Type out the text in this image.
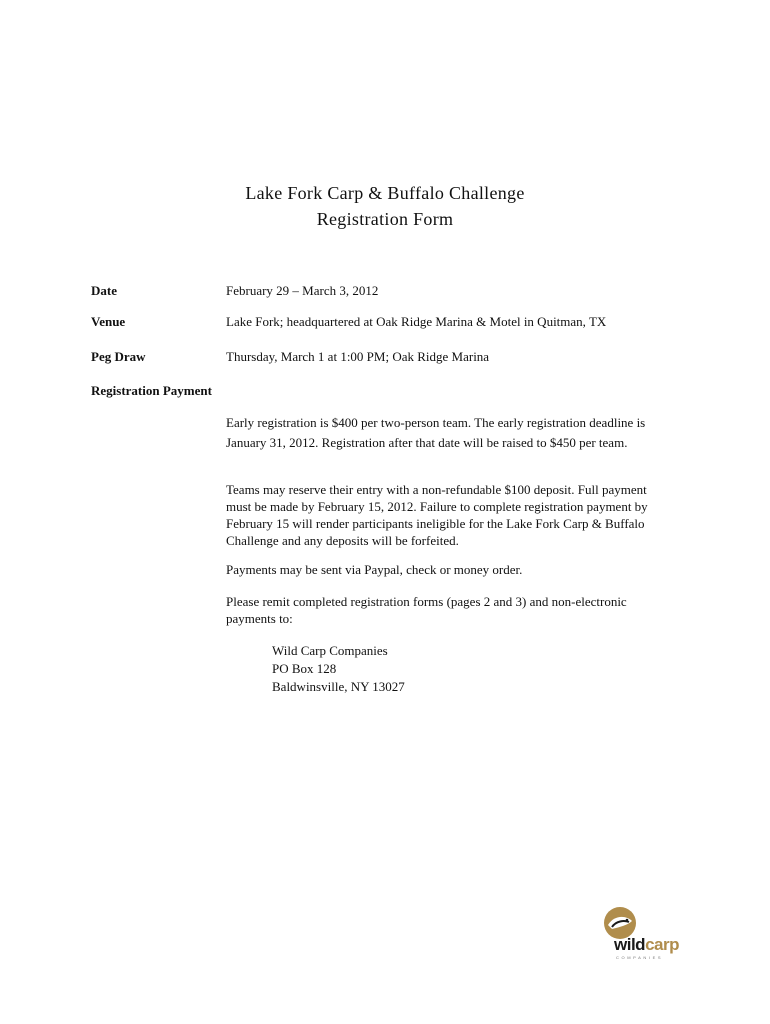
Lake Fork Carp & Buffalo Challenge
Registration Form
Date	February 29 – March 3, 2012
Venue	Lake Fork; headquartered at Oak Ridge Marina & Motel in Quitman, TX
Peg Draw	Thursday, March 1 at 1:00 PM; Oak Ridge Marina
Registration Payment
Early registration is $400 per two-person team. The early registration deadline is January 31, 2012. Registration after that date will be raised to $450 per team.
Teams may reserve their entry with a non-refundable $100 deposit. Full payment must be made by February 15, 2012. Failure to complete registration payment by February 15 will render participants ineligible for the Lake Fork Carp & Buffalo Challenge and any deposits will be forfeited.
Payments may be sent via Paypal, check or money order.
Please remit completed registration forms (pages 2 and 3) and non-electronic payments to:
Wild Carp Companies
PO Box 128
Baldwinsville, NY 13027
wildcarp
COMPANIES
